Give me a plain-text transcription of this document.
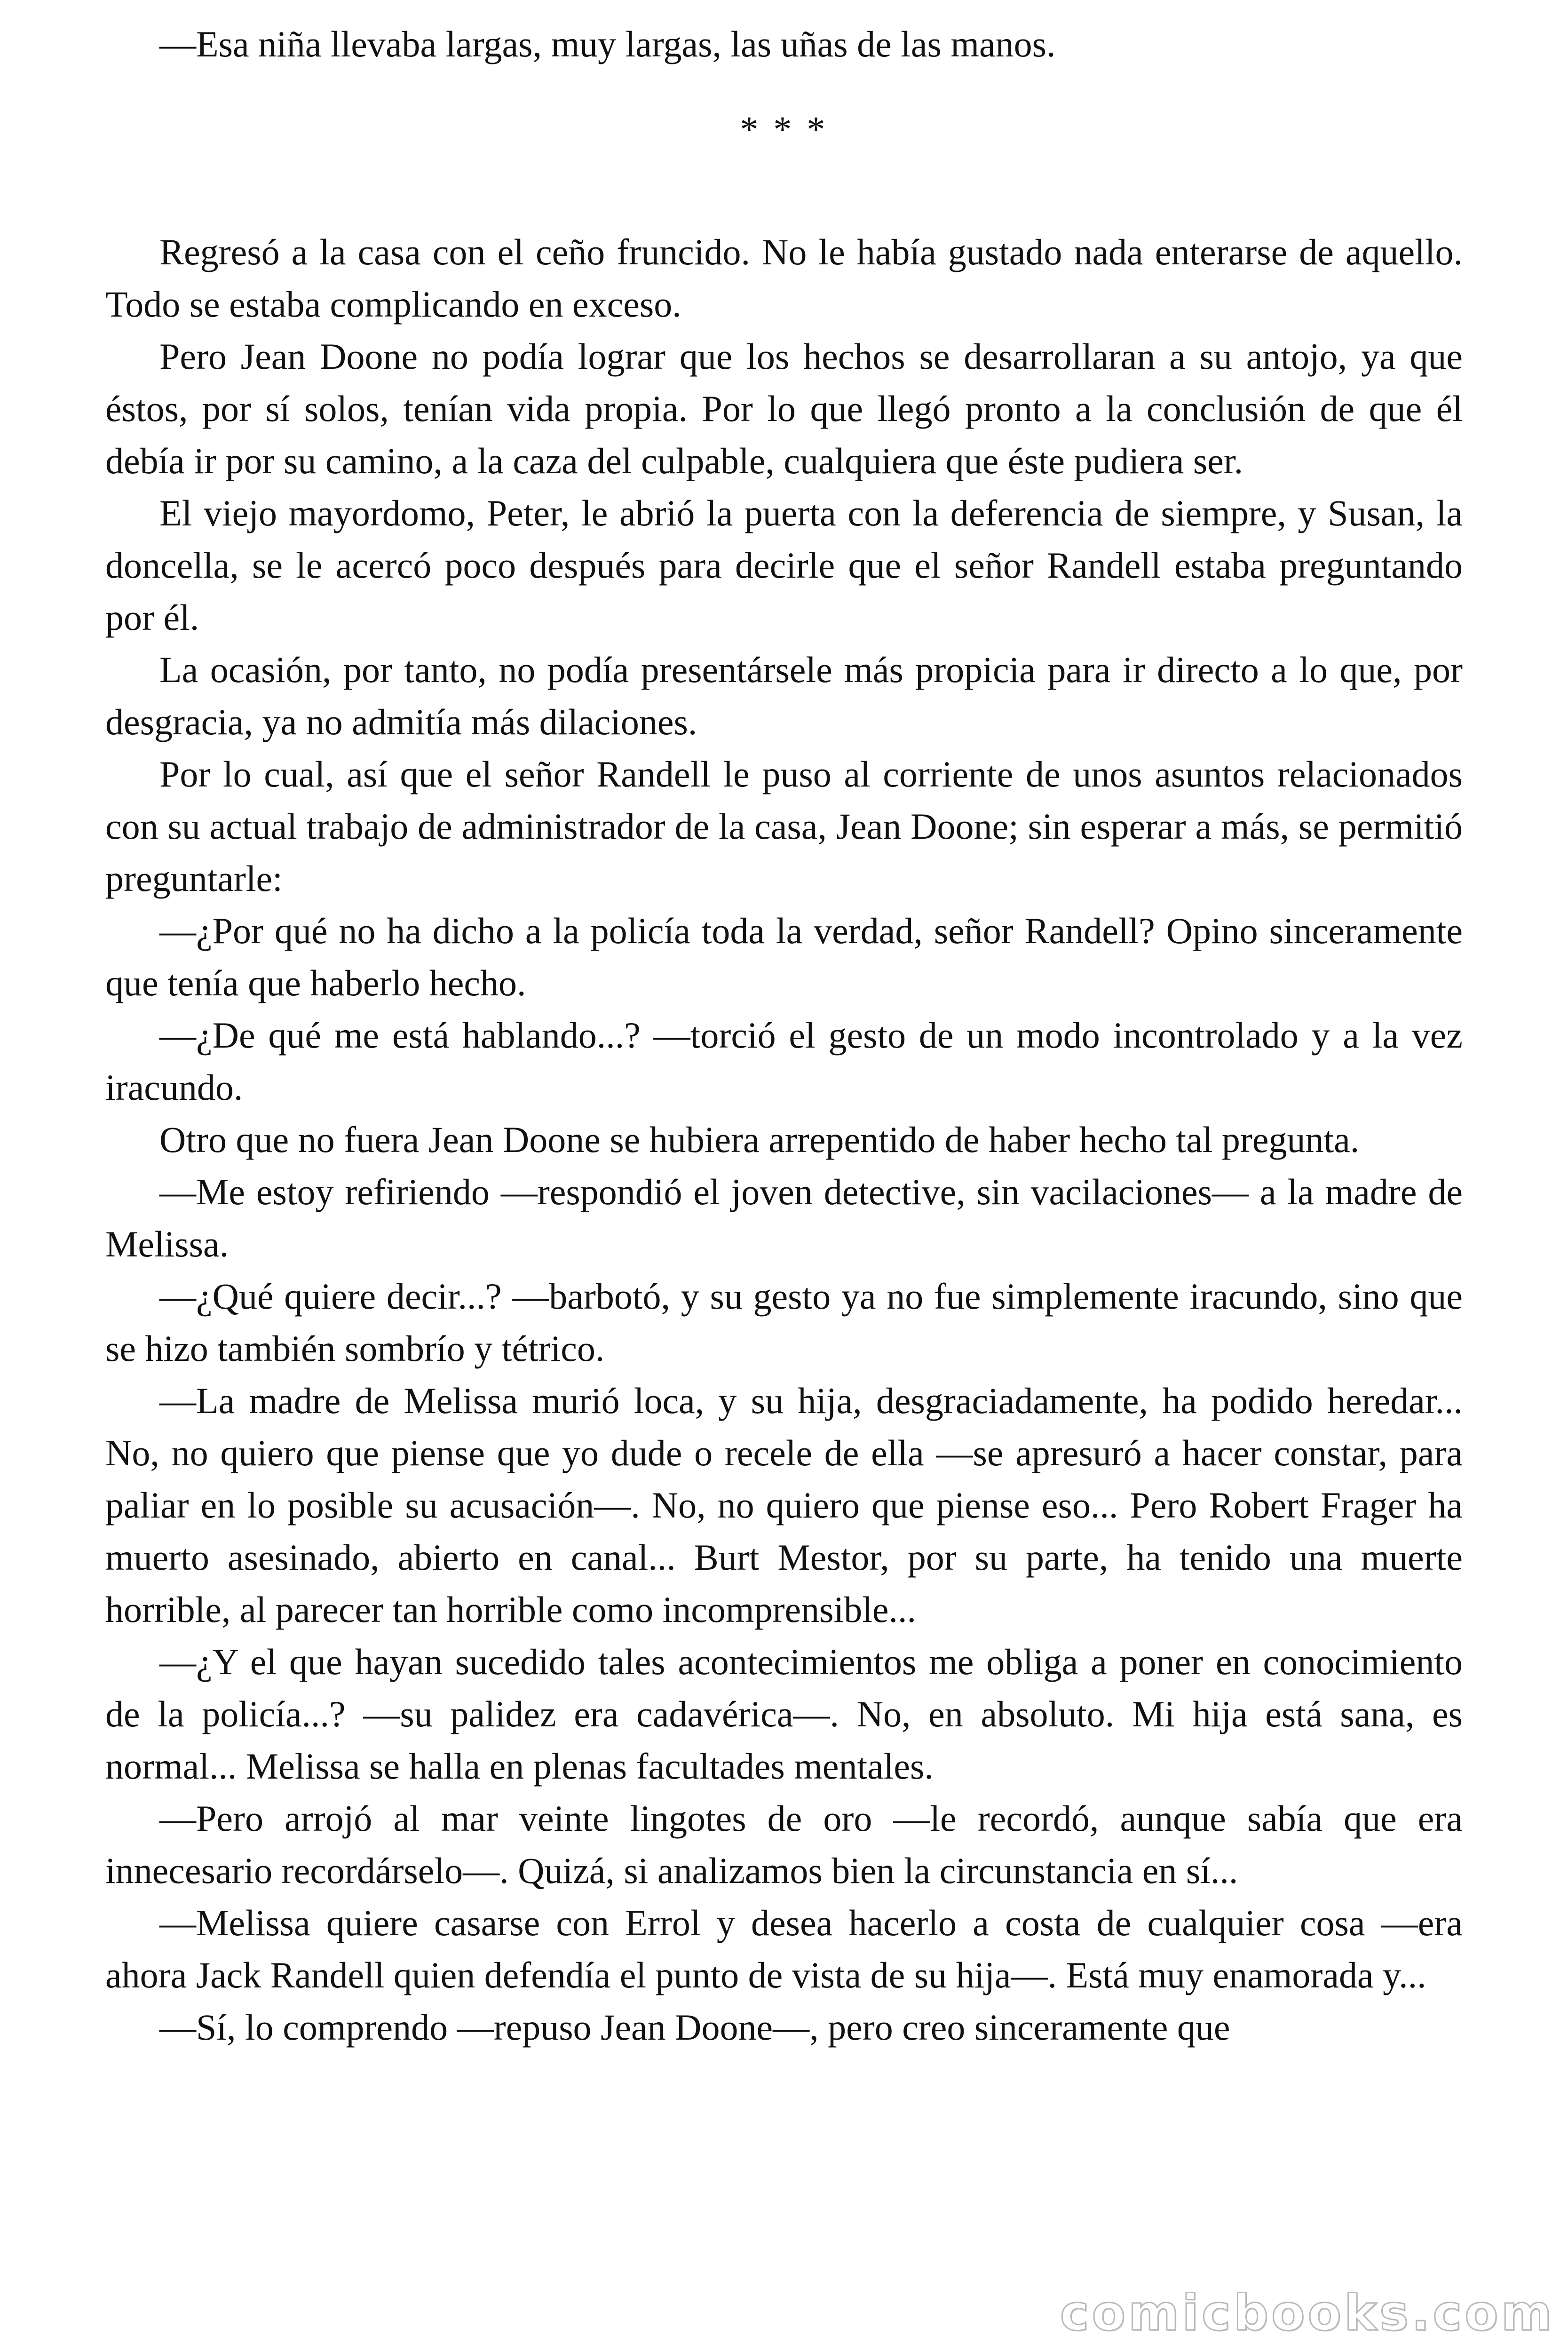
—Esa niña llevaba largas, muy largas, las uñas de las manos.

* * *

Regresó a la casa con el ceño fruncido. No le había gustado nada enterarse de aquello. Todo se estaba complicando en exceso.

Pero Jean Doone no podía lograr que los hechos se desarrollaran a su antojo, ya que éstos, por sí solos, tenían vida propia. Por lo que llegó pronto a la conclusión de que él debía ir por su camino, a la caza del culpable, cualquiera que éste pudiera ser.

El viejo mayordomo, Peter, le abrió la puerta con la deferencia de siempre, y Susan, la doncella, se le acercó poco después para decirle que el señor Randell estaba preguntando por él.

La ocasión, por tanto, no podía presentársele más propicia para ir directo a lo que, por desgracia, ya no admitía más dilaciones.

Por lo cual, así que el señor Randell le puso al corriente de unos asuntos relacionados con su actual trabajo de administrador de la casa, Jean Doone; sin esperar a más, se permitió preguntarle:

—¿Por qué no ha dicho a la policía toda la verdad, señor Randell? Opino sinceramente que tenía que haberlo hecho.

—¿De qué me está hablando...? —torció el gesto de un modo incontrolado y a la vez iracundo.

Otro que no fuera Jean Doone se hubiera arrepentido de haber hecho tal pregunta.

—Me estoy refiriendo —respondió el joven detective, sin vacilaciones— a la madre de Melissa.

—¿Qué quiere decir...? —barbotó, y su gesto ya no fue simplemente iracundo, sino que se hizo también sombrío y tétrico.

—La madre de Melissa murió loca, y su hija, desgraciadamente, ha podido heredar... No, no quiero que piense que yo dude o recele de ella —se apresuró a hacer constar, para paliar en lo posible su acusación—. No, no quiero que piense eso... Pero Robert Frager ha muerto asesinado, abierto en canal... Burt Mestor, por su parte, ha tenido una muerte horrible, al parecer tan horrible como incomprensible...

—¿Y el que hayan sucedido tales acontecimientos me obliga a poner en conocimiento de la policía...? —su palidez era cadavérica—. No, en absoluto. Mi hija está sana, es normal... Melissa se halla en plenas facultades mentales.

—Pero arrojó al mar veinte lingotes de oro —le recordó, aunque sabía que era innecesario recordárselo—. Quizá, si analizamos bien la circunstancia en sí...

—Melissa quiere casarse con Errol y desea hacerlo a costa de cualquier cosa —era ahora Jack Randell quien defendía el punto de vista de su hija—. Está muy enamorada y...

—Sí, lo comprendo —repuso Jean Doone—, pero creo sinceramente que

comicbooks.com
